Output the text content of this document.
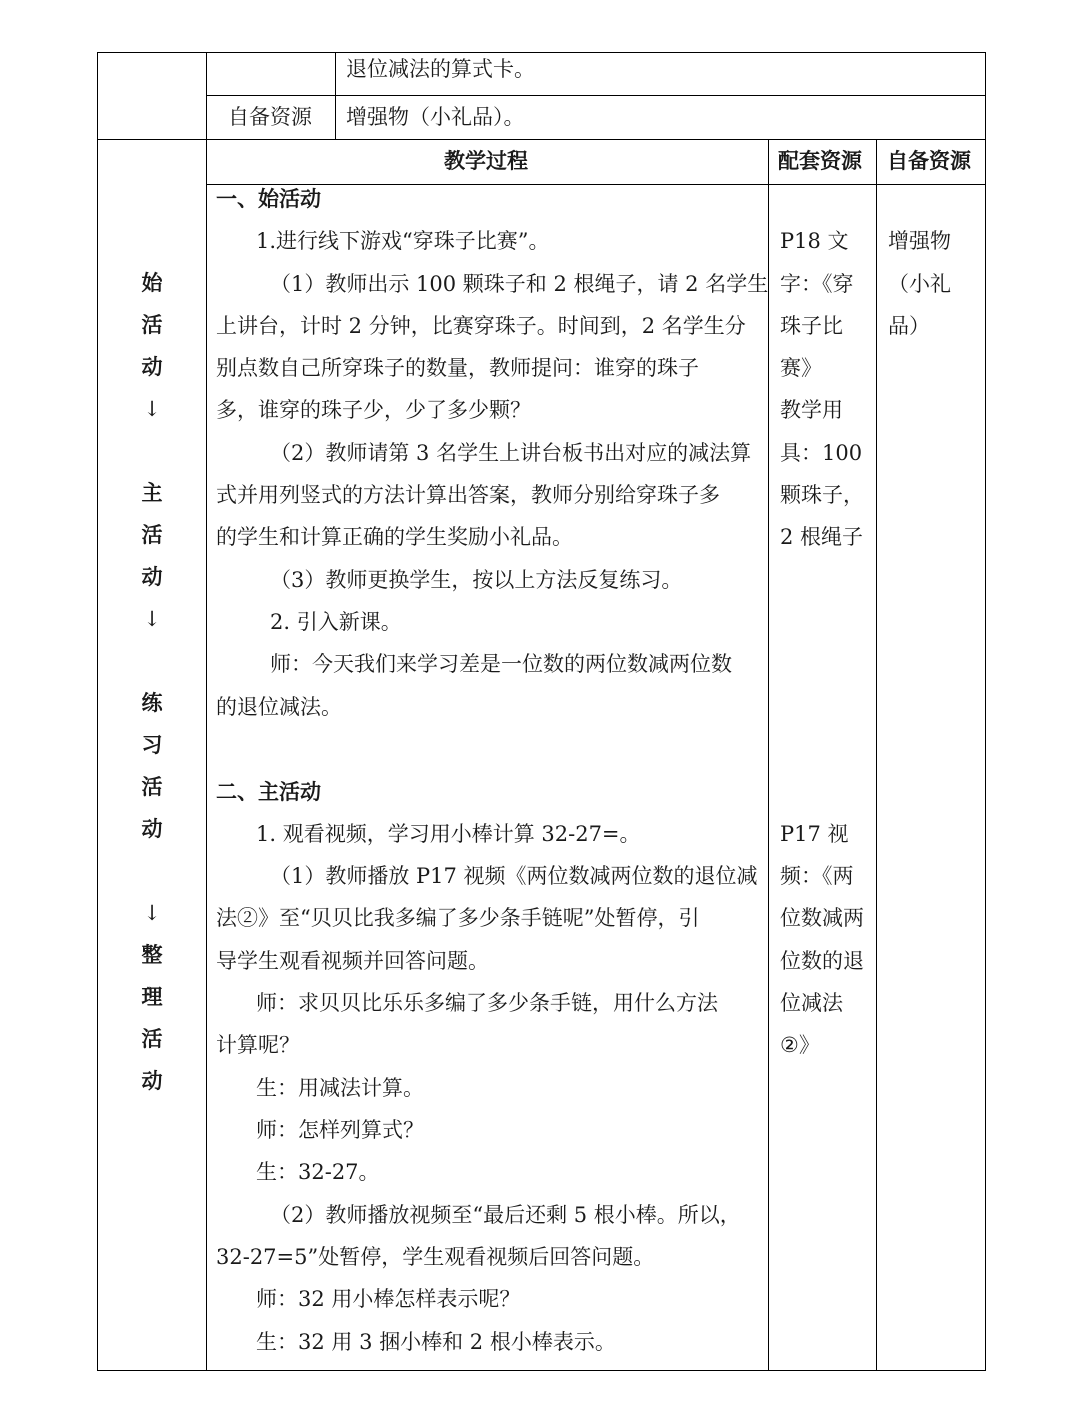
退位减法的算式卡。
自备资源 增强物（小礼品）。
教学过程	配套资源 自备资源
始
活
动
↓
主
活
动
↓
练
习
活
动
↓
整
理
活
动
一、始活动
1.进行线下游戏“穿珠子比赛”。
（1）教师出示 100 颗珠子和 2 根绳子，请 2 名学生
上讲台，计时 2 分钟，比赛穿珠子。时间到，2 名学生分
别点数自己所穿珠子的数量，教师提问：谁穿的珠子
多，谁穿的珠子少，少了多少颗？
（2）教师请第 3 名学生上讲台板书出对应的减法算
式并用列竖式的方法计算出答案，教师分别给穿珠子多
的学生和计算正确的学生奖励小礼品。
（3）教师更换学生，按以上方法反复练习。
2. 引入新课。
师：今天我们来学习差是一位数的两位数减两位数
的退位减法。
二、主活动
1. 观看视频，学习用小棒计算 32-27=。
（1）教师播放 P17 视频《两位数减两位数的退位减
法②》至“贝贝比我多编了多少条手链呢”处暂停，引
导学生观看视频并回答问题。
师：求贝贝比乐乐多编了多少条手链，用什么方法
计算呢？
生：用减法计算。
师：怎样列算式？
生：32-27。
（2）教师播放视频至“最后还剩 5 根小棒。所以，
32-27=5”处暂停，学生观看视频后回答问题。
师：32 用小棒怎样表示呢？
生：32 用 3 捆小棒和 2 根小棒表示。
P18 文
字：《穿
珠子比
赛》
教学用
具：100
颗珠子，
2 根绳子
P17 视
频：《两
位数减两
位数的退
位减法
②》
增强物
（小礼
品）
